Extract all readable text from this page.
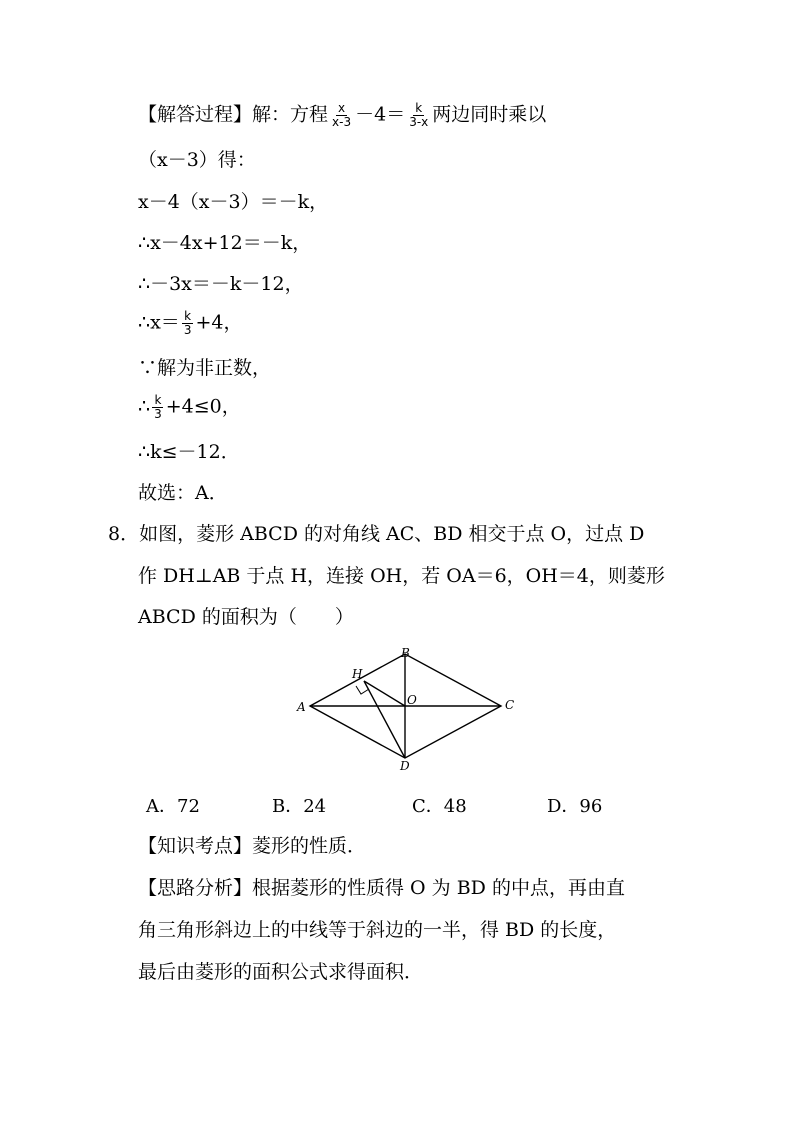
【解答过程】解：方程 $\frac{x}{x-3} -4= \frac{k}{3-x}$ 两边同时乘以
（x－3）得：
x－4（x－3）＝－k，
∴x－4x+12＝－k，
∴－3x＝－k－12，
∴x＝ $\frac{k}{3} +4$，
∵解为非正数，
∴ $\frac{k}{3} +4\le 0$，
∴k≤－12．
故选：A．
8．如图，菱形 ABCD 的对角线 AC、BD 相交于点 O，过点 D
作 DH⊥AB 于点 H，连接 OH，若 OA＝6，OH＝4，则菱形
ABCD 的面积为（　　）
A
B
C
D
H
O
A．72	B．24	C．48	D．96
【知识考点】菱形的性质．
【思路分析】根据菱形的性质得 O 为 BD 的中点，再由直
角三角形斜边上的中线等于斜边的一半，得 BD 的长度，
最后由菱形的面积公式求得面积．
